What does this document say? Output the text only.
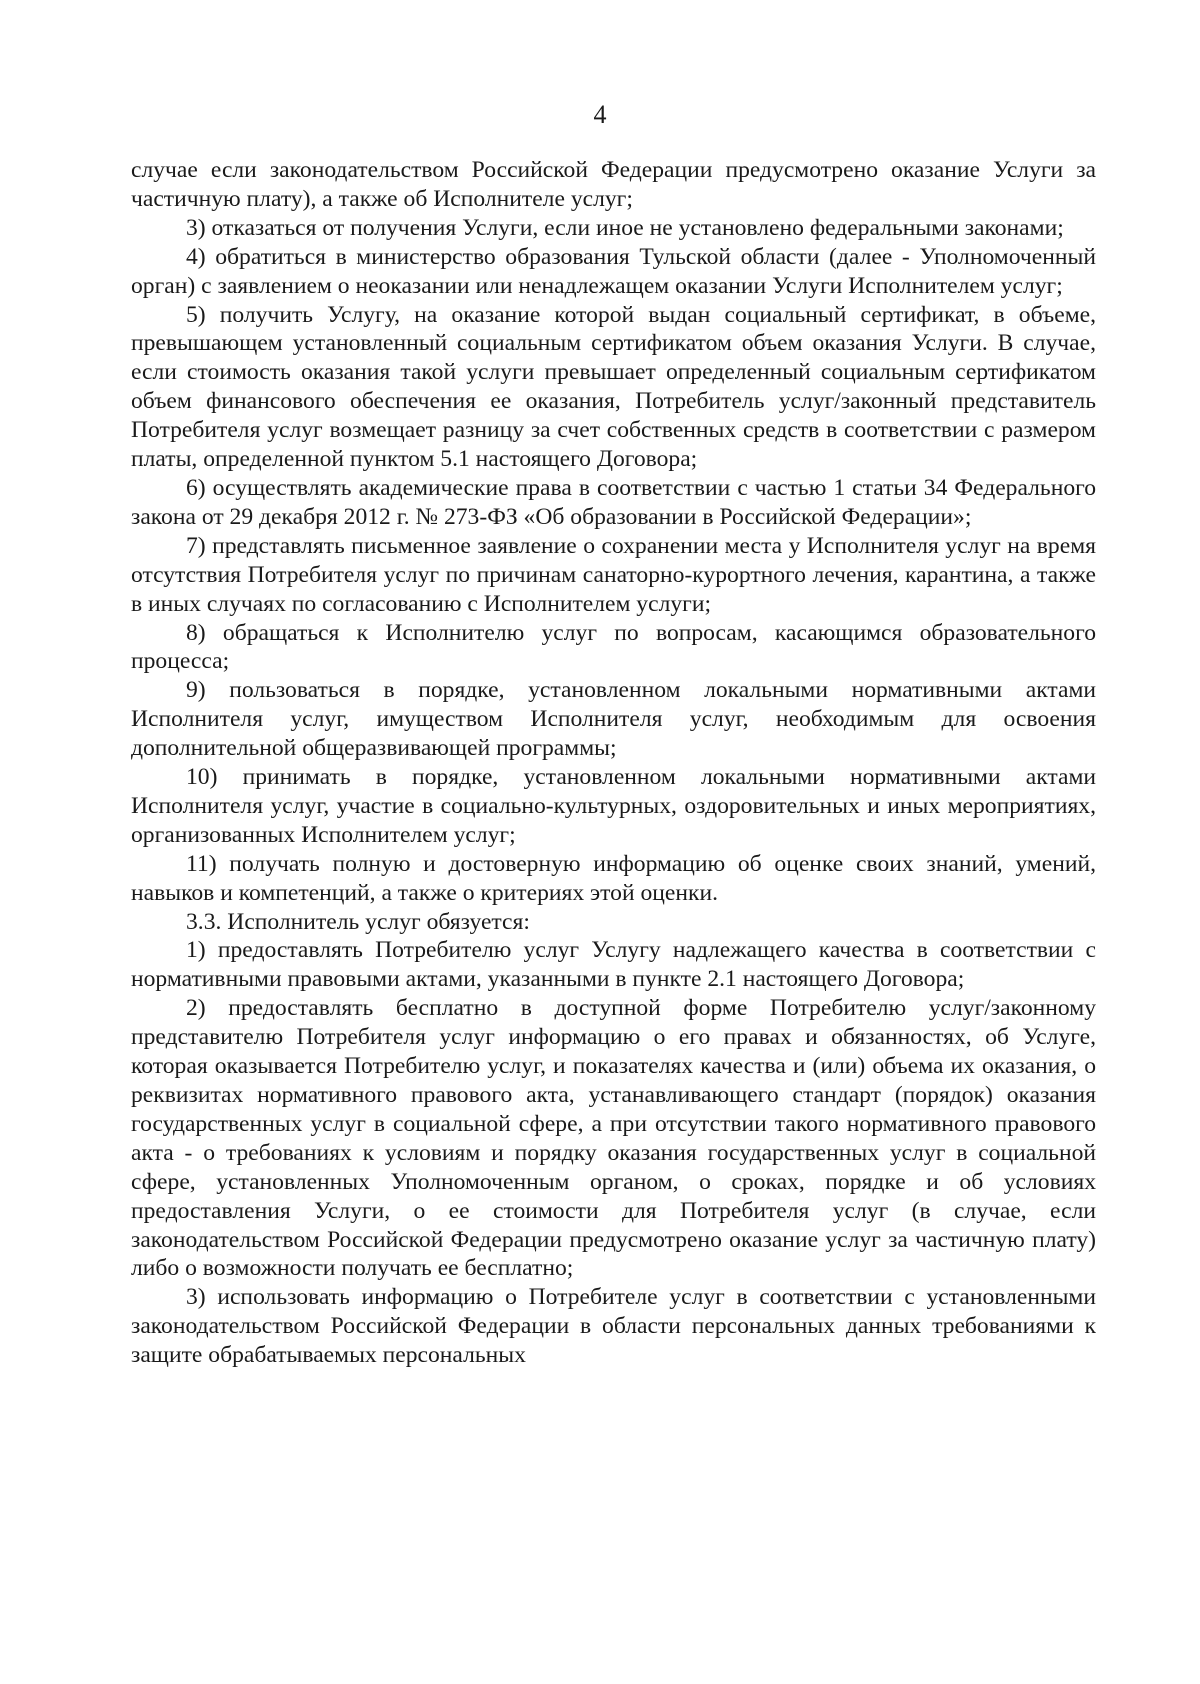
4

случае если законодательством Российской Федерации предусмотрено оказание Услуги за частичную плату), а также об Исполнителе услуг;

3) отказаться от получения Услуги, если иное не установлено федеральными законами;

4) обратиться в министерство образования Тульской области (далее - Уполномоченный орган) с заявлением о неоказании или ненадлежащем оказании Услуги Исполнителем услуг;

5) получить Услугу, на оказание которой выдан социальный сертификат, в объеме, превышающем установленный социальным сертификатом объем оказания Услуги. В случае, если стоимость оказания такой услуги превышает определенный социальным сертификатом объем финансового обеспечения ее оказания, Потребитель услуг/законный представитель Потребителя услуг возмещает разницу за счет собственных средств в соответствии с размером платы, определенной пунктом 5.1 настоящего Договора;

6) осуществлять академические права в соответствии с частью 1 статьи 34 Федерального закона от 29 декабря 2012 г. № 273-ФЗ «Об образовании в Российской Федерации»;

7) представлять письменное заявление о сохранении места у Исполнителя услуг на время отсутствия Потребителя услуг по причинам санаторно-курортного лечения, карантина, а также в иных случаях по согласованию с Исполнителем услуги;

8) обращаться к Исполнителю услуг по вопросам, касающимся образовательного процесса;

9) пользоваться в порядке, установленном локальными нормативными актами Исполнителя услуг, имуществом Исполнителя услуг, необходимым для освоения дополнительной общеразвивающей программы;

10) принимать в порядке, установленном локальными нормативными актами Исполнителя услуг, участие в социально-культурных, оздоровительных и иных мероприятиях, организованных Исполнителем услуг;

11) получать полную и достоверную информацию об оценке своих знаний, умений, навыков и компетенций, а также о критериях этой оценки.

3.3. Исполнитель услуг обязуется:

1) предоставлять Потребителю услуг Услугу надлежащего качества в соответствии с нормативными правовыми актами, указанными в пункте 2.1 настоящего Договора;

2) предоставлять бесплатно в доступной форме Потребителю услуг/законному представителю Потребителя услуг информацию о его правах и обязанностях, об Услуге, которая оказывается Потребителю услуг, и показателях качества и (или) объема их оказания, о реквизитах нормативного правового акта, устанавливающего стандарт (порядок) оказания государственных услуг в социальной сфере, а при отсутствии такого нормативного правового акта - о требованиях к условиям и порядку оказания государственных услуг в социальной сфере, установленных Уполномоченным органом, о сроках, порядке и об условиях предоставления Услуги, о ее стоимости для Потребителя услуг (в случае, если законодательством Российской Федерации предусмотрено оказание услуг за частичную плату) либо о возможности получать ее бесплатно;

3) использовать информацию о Потребителе услуг в соответствии с установленными законодательством Российской Федерации в области персональных данных требованиями к защите обрабатываемых персональных
